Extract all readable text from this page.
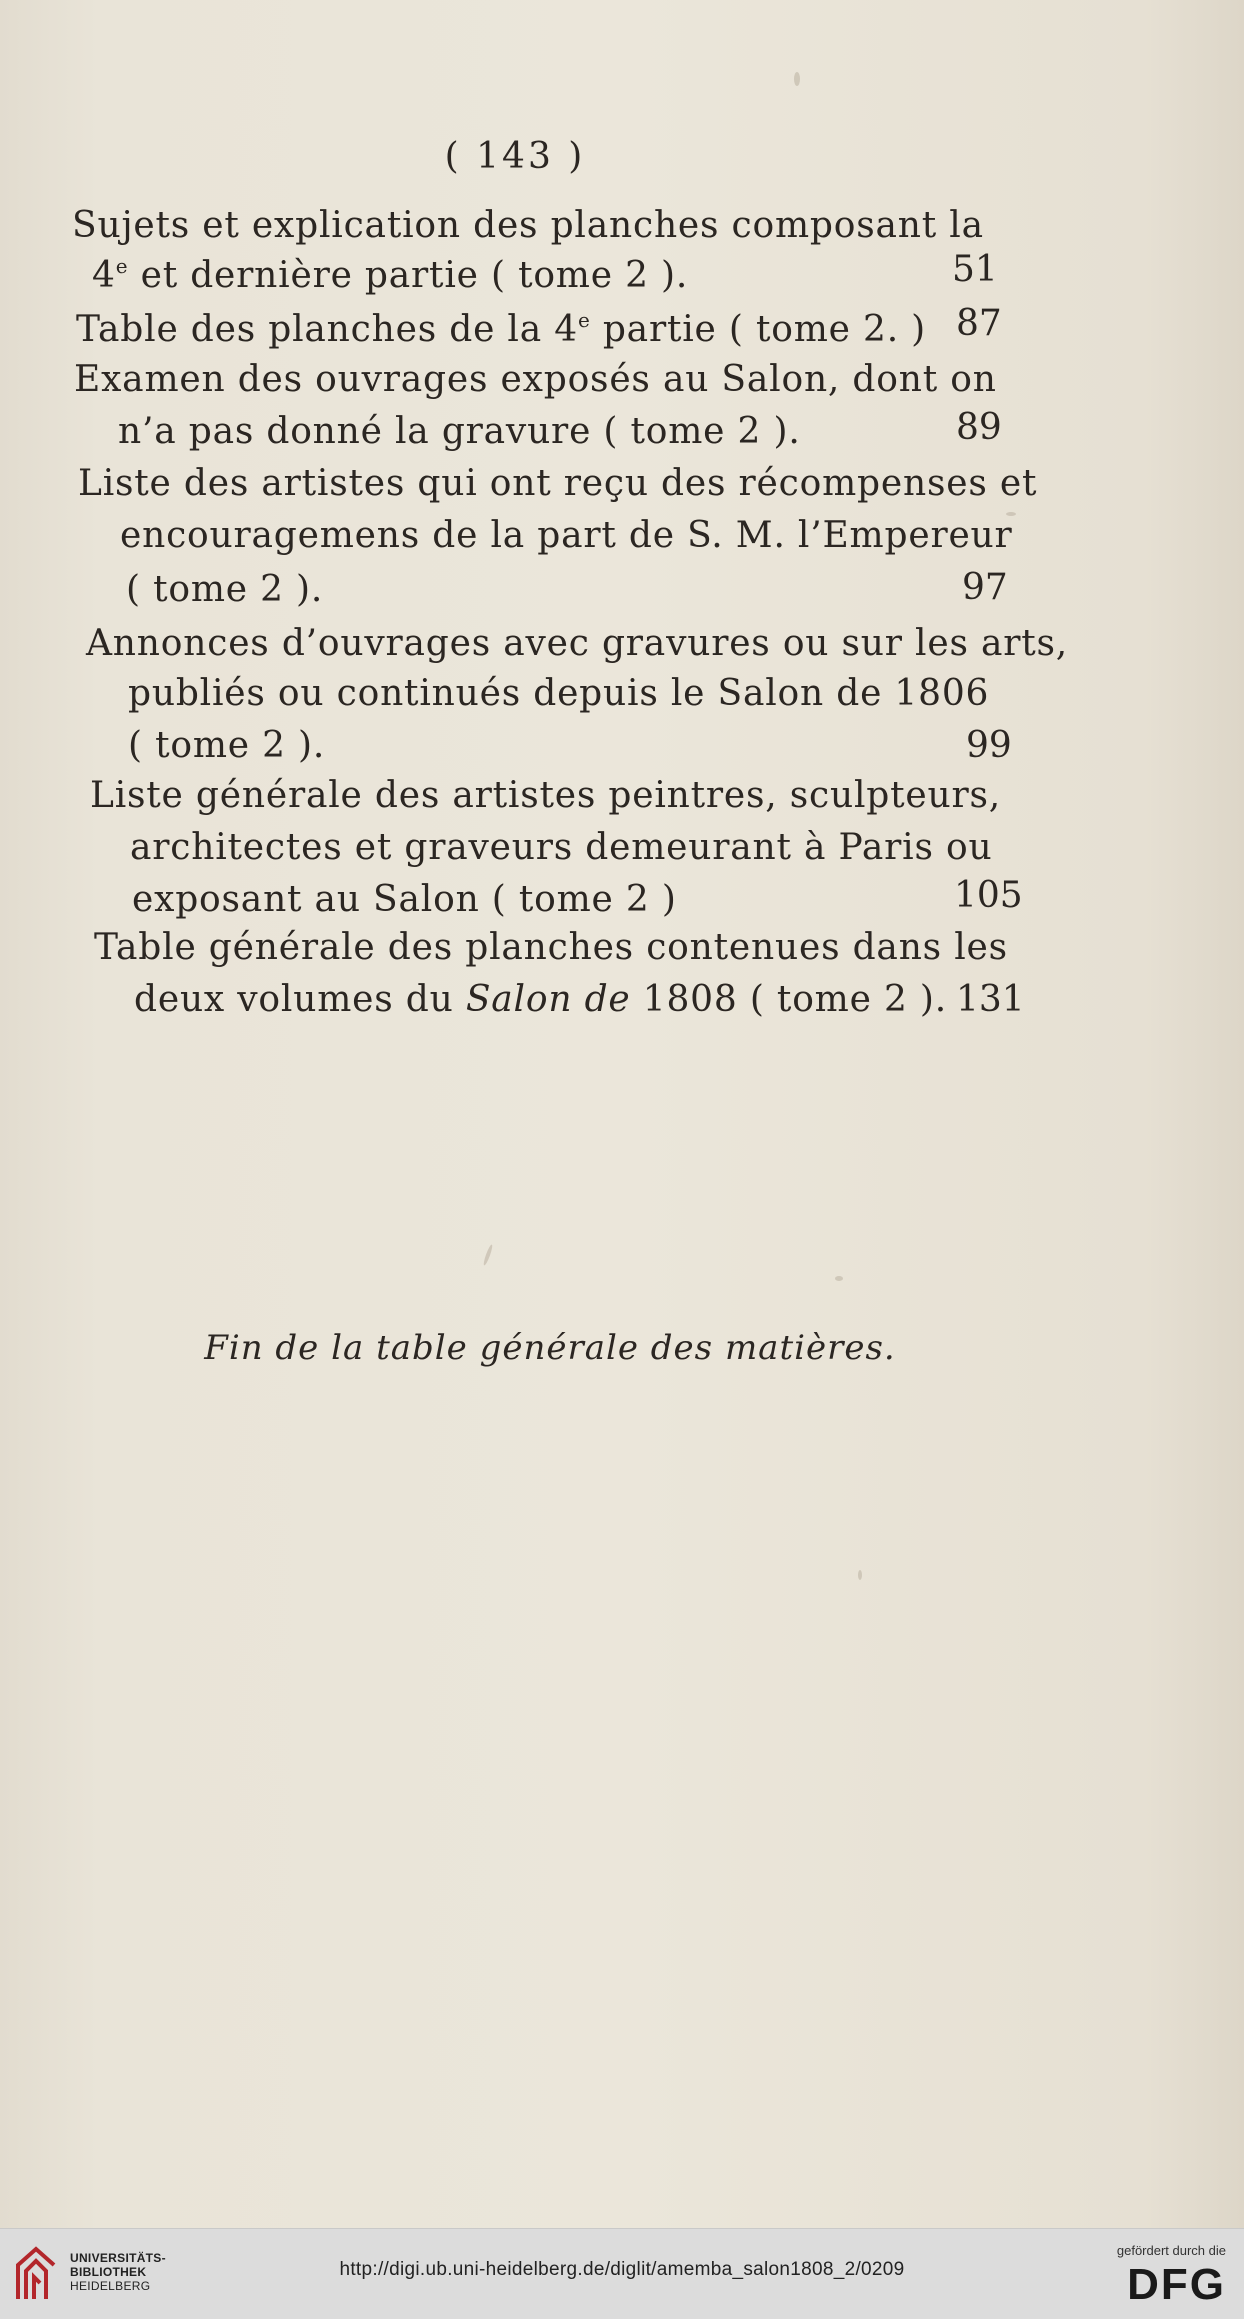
( 143 )
Sujets et explication des planches composant la
4e et dernière partie ( tome 2 ).	51
Table des planches de la 4e partie ( tome 2. ) 87
Examen des ouvrages exposés au Salon, dont on
n’a pas donné la gravure ( tome 2 ).	89
Liste des artistes qui ont reçu des récompenses et
encouragemens de la part de S. M. l’Empereur
( tome 2 ).	97
Annonces d’ouvrages avec gravures ou sur les arts,
publiés ou continués depuis le Salon de 1806
( tome 2 ).	99
Liste générale des artistes peintres, sculpteurs,
architectes et graveurs demeurant à Paris ou
exposant au Salon ( tome 2 )	105
Table générale des planches contenues dans les
deux volumes du Salon de 1808 ( tome 2 ). 131
Fin de la table générale des matières.
UNIVERSITÄTS-
BIBLIOTHEK
HEIDELBERG
http://digi.ub.uni-heidelberg.de/diglit/amemba_salon1808_2/0209
gefördert durch die
DFG
